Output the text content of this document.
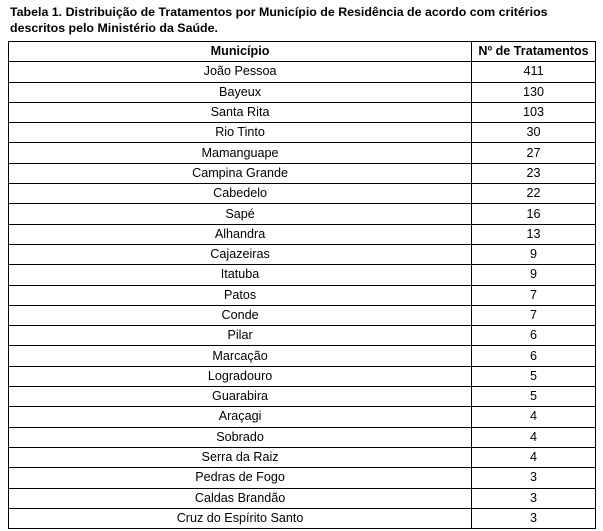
Tabela 1. Distribuição de Tratamentos por Município de Residência de acordo com critérios descritos pelo Ministério da Saúde.
Município	Nº de Tratamentos
João Pessoa	411
Bayeux	130
Santa Rita	103
Rio Tinto	30
Mamanguape	27
Campina Grande	23
Cabedelo	22
Sapé	16
Alhandra	13
Cajazeiras	9
Itatuba	9
Patos	7
Conde	7
Pilar	6
Marcação	6
Logradouro	5
Guarabira	5
Araçagi	4
Sobrado	4
Serra da Raiz	4
Pedras de Fogo	3
Caldas Brandão	3
Cruz do Espírito Santo	3
